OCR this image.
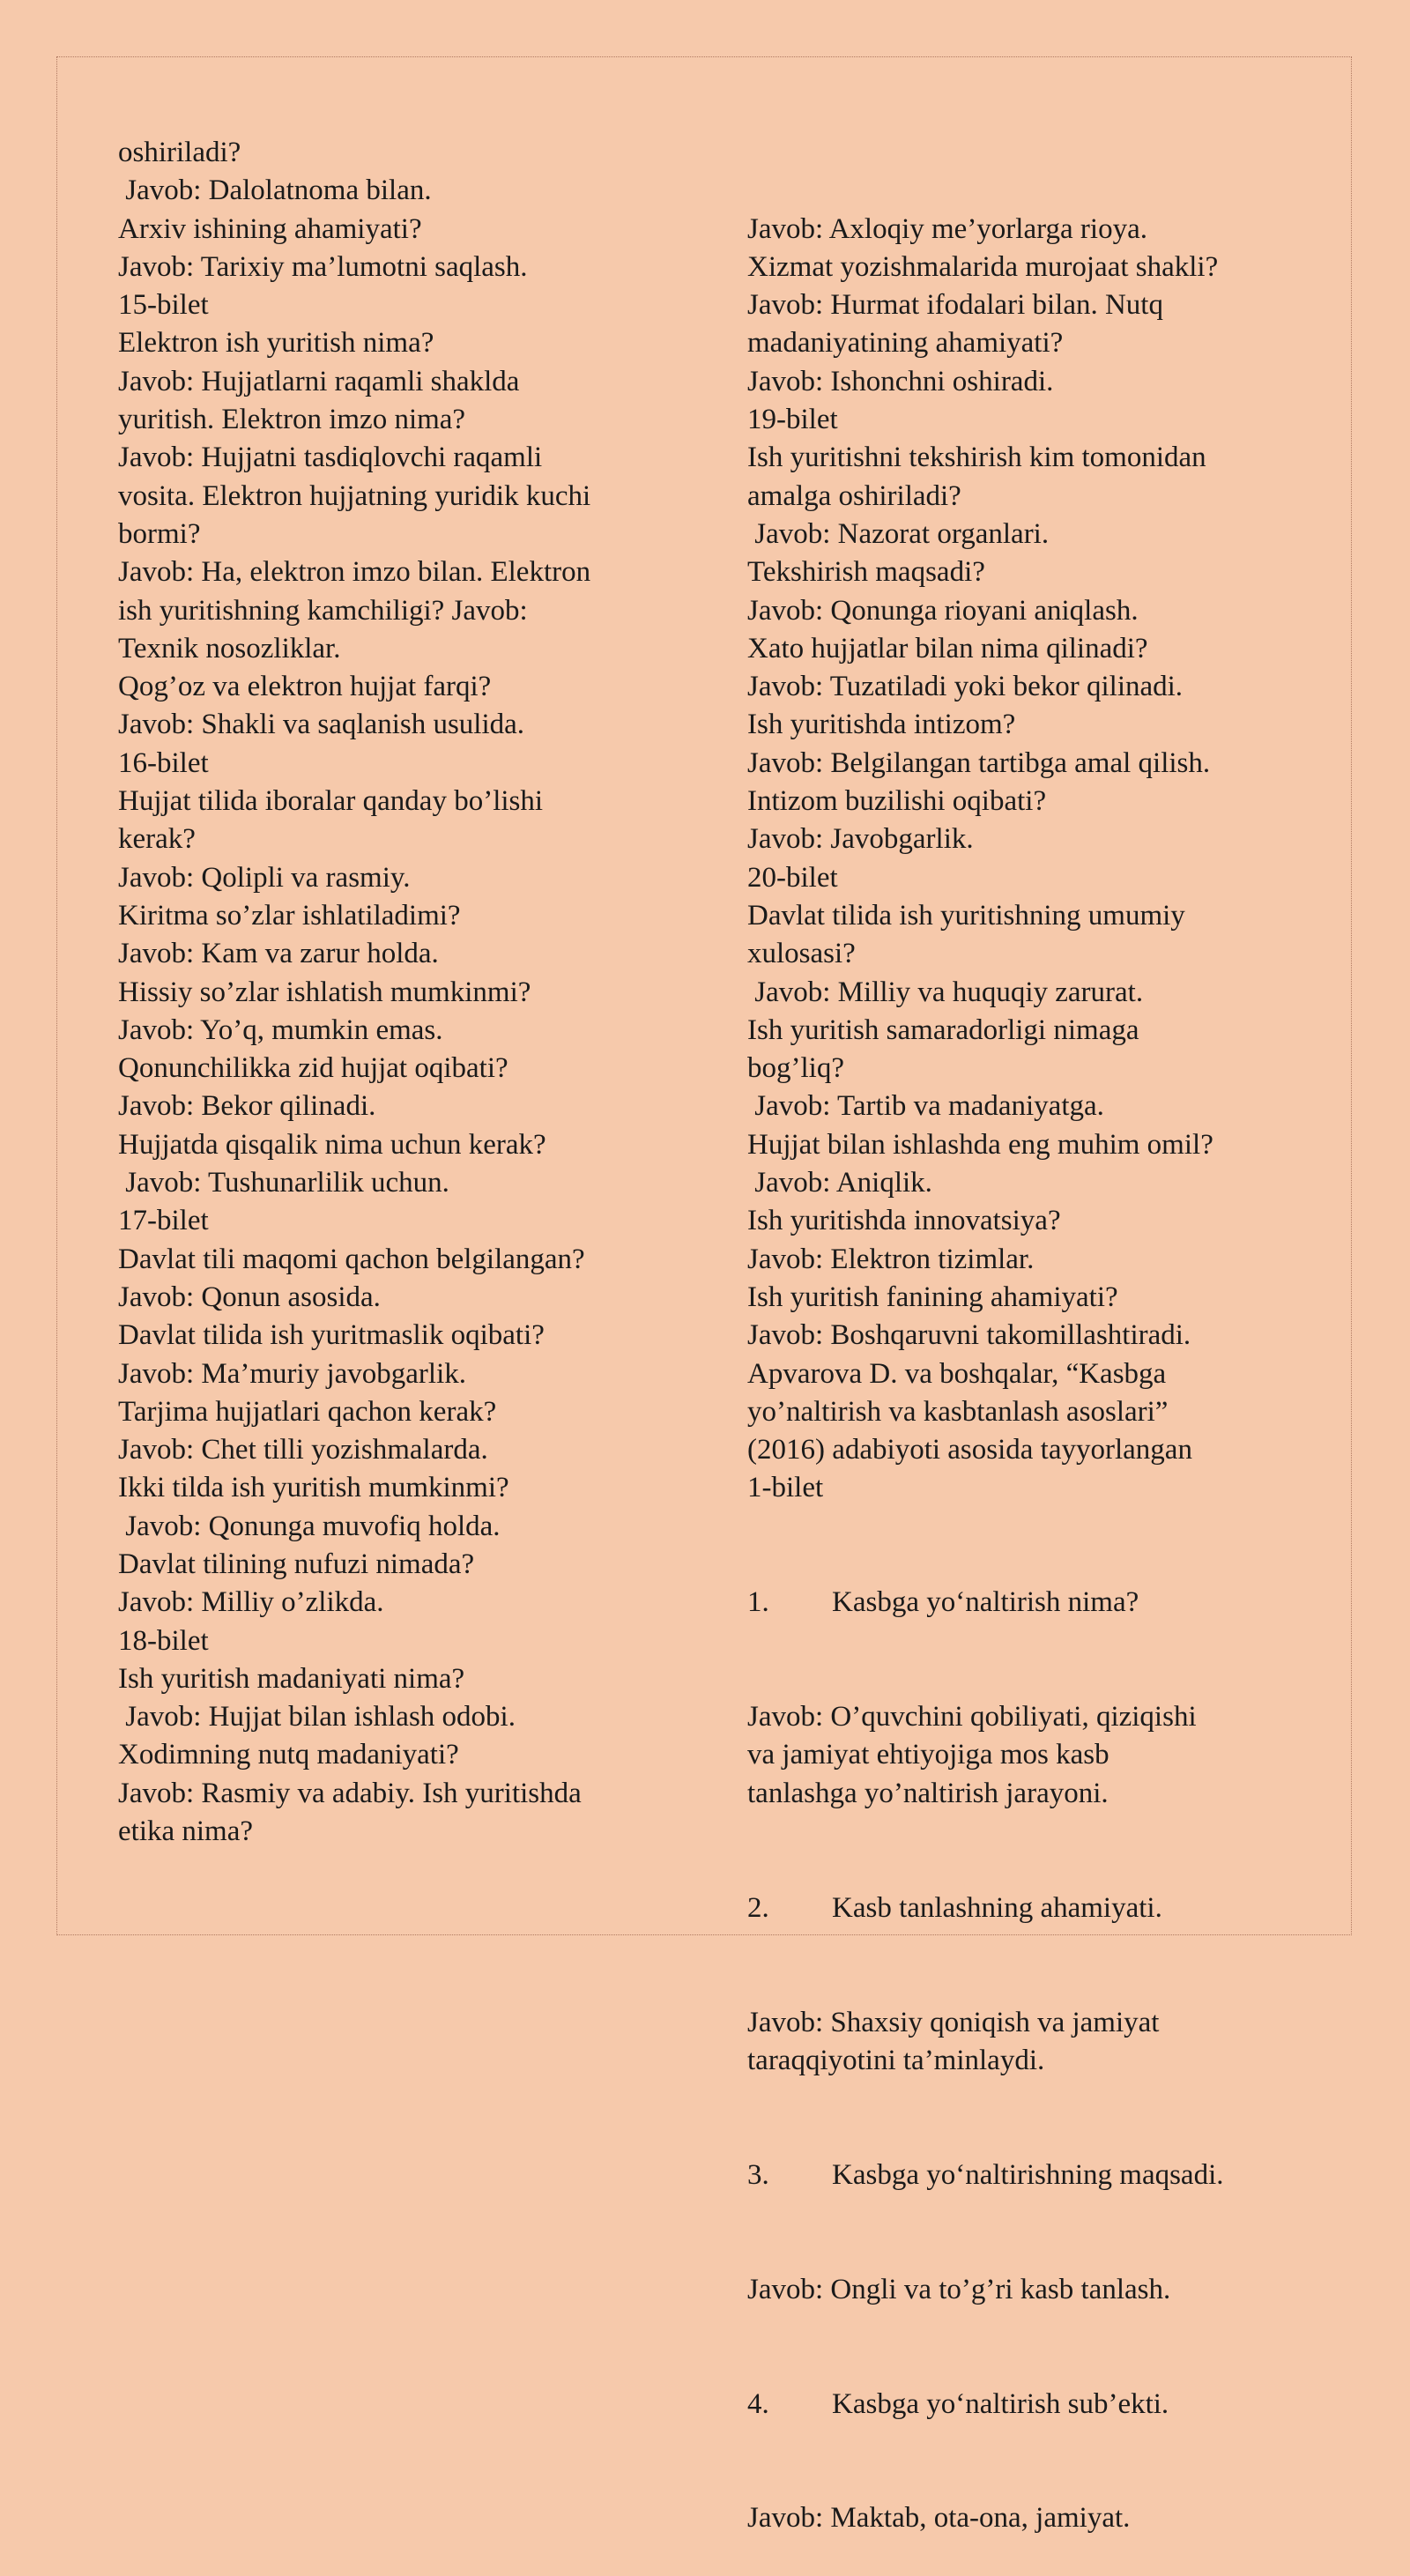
oshiriladi?
Javob: Dalolatnoma bilan.
Arxiv ishining ahamiyati?
Javob: Tarixiy ma’lumotni saqlash.
15-bilet
Elektron ish yuritish nima?
Javob: Hujjatlarni raqamli shaklda
yuritish. Elektron imzo nima?
Javob: Hujjatni tasdiqlovchi raqamli
vosita. Elektron hujjatning yuridik kuchi
bormi?
Javob: Ha, elektron imzo bilan. Elektron
ish yuritishning kamchiligi? Javob:
Texnik nosozliklar.
Qog’oz va elektron hujjat farqi?
Javob: Shakli va saqlanish usulida.
16-bilet
Hujjat tilida iboralar qanday bo’lishi
kerak?
Javob: Qolipli va rasmiy.
Kiritma so’zlar ishlatiladimi?
Javob: Kam va zarur holda.
Hissiy so’zlar ishlatish mumkinmi?
Javob: Yo’q, mumkin emas.
Qonunchilikka zid hujjat oqibati?
Javob: Bekor qilinadi.
Hujjatda qisqalik nima uchun kerak?
Javob: Tushunarlilik uchun.
17-bilet
Davlat tili maqomi qachon belgilangan?
Javob: Qonun asosida.
Davlat tilida ish yuritmaslik oqibati?
Javob: Ma’muriy javobgarlik.
Tarjima hujjatlari qachon kerak?
Javob: Chet tilli yozishmalarda.
Ikki tilda ish yuritish mumkinmi?
Javob: Qonunga muvofiq holda.
Davlat tilining nufuzi nimada?
Javob: Milliy o’zlikda.
18-bilet
Ish yuritish madaniyati nima?
Javob: Hujjat bilan ishlash odobi.
Xodimning nutq madaniyati?
Javob: Rasmiy va adabiy. Ish yuritishda
etika nima?

Javob: Axloqiy me’yorlarga rioya.
Xizmat yozishmalarida murojaat shakli?
Javob: Hurmat ifodalari bilan. Nutq
madaniyatining ahamiyati?
Javob: Ishonchni oshiradi.
19-bilet
Ish yuritishni tekshirish kim tomonidan
amalga oshiriladi?
Javob: Nazorat organlari.
Tekshirish maqsadi?
Javob: Qonunga rioyani aniqlash.
Xato hujjatlar bilan nima qilinadi?
Javob: Tuzatiladi yoki bekor qilinadi.
Ish yuritishda intizom?
Javob: Belgilangan tartibga amal qilish.
Intizom buzilishi oqibati?
Javob: Javobgarlik.
20-bilet
Davlat tilida ish yuritishning umumiy
xulosasi?
Javob: Milliy va huquqiy zarurat.
Ish yuritish samaradorligi nimaga
bog’liq?
Javob: Tartib va madaniyatga.
Hujjat bilan ishlashda eng muhim omil?
Javob: Aniqlik.
Ish yuritishda innovatsiya?
Javob: Elektron tizimlar.
Ish yuritish fanining ahamiyati?
Javob: Boshqaruvni takomillashtiradi.
Apvarova D. va boshqalar, “Kasbga
yo’naltirish va kasbtanlash asoslari”
(2016) adabiyoti asosida tayyorlangan
1-bilet

1. Kasbga yo‘naltirish nima?

Javob: O’quvchini qobiliyati, qiziqishi
va jamiyat ehtiyojiga mos kasb
tanlashga yo’naltirish jarayoni.

2. Kasb tanlashning ahamiyati.

Javob: Shaxsiy qoniqish va jamiyat
taraqqiyotini ta’minlaydi.

3. Kasbga yo‘naltirishning maqsadi.

Javob: Ongli va to’g’ri kasb tanlash.

4. Kasbga yo‘naltirish sub’ekti.

Javob: Maktab, ota-ona, jamiyat.
